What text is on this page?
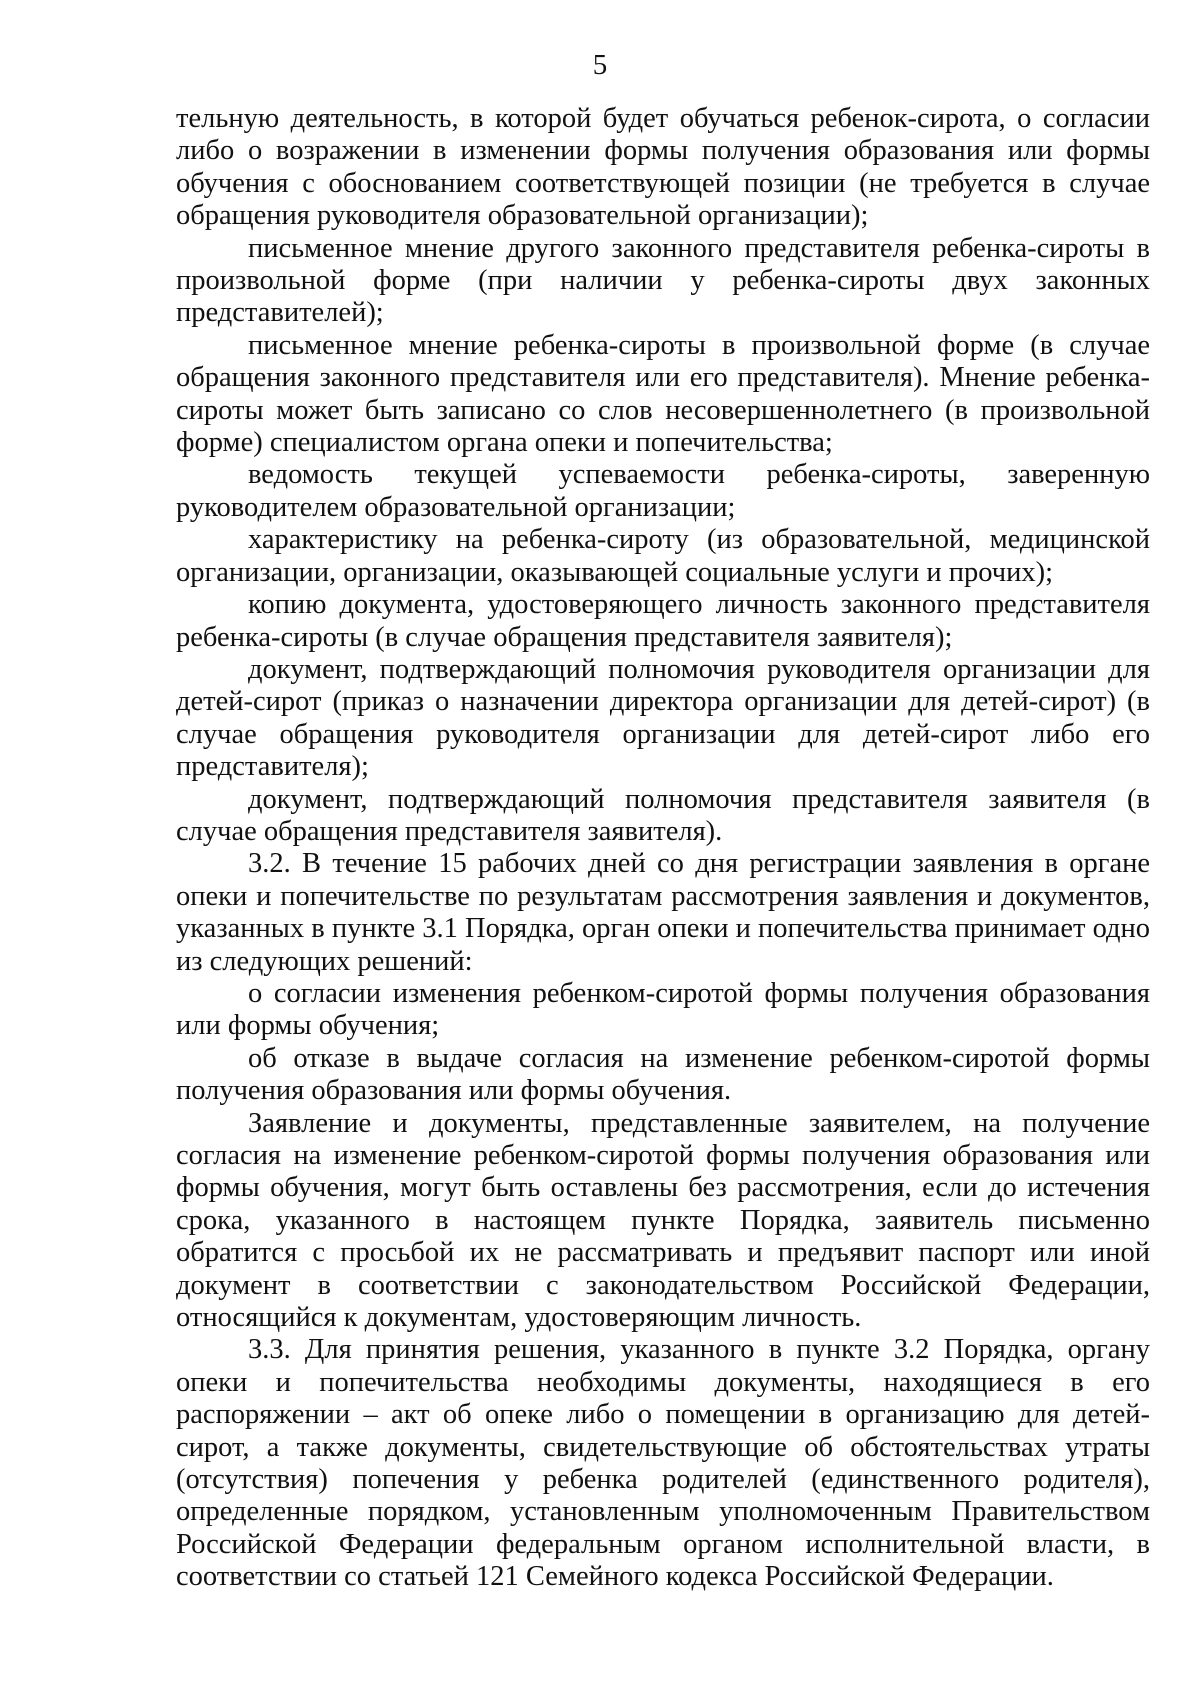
5

тельную деятельность, в которой будет обучаться ребенок-сирота, о согласии либо о возражении в изменении формы получения образования или формы обучения с обоснованием соответствующей позиции (не требуется в случае обращения руководителя образовательной организации);

письменное мнение другого законного представителя ребенка-сироты в произвольной форме (при наличии у ребенка-сироты двух законных представителей);

письменное мнение ребенка-сироты в произвольной форме (в случае обращения законного представителя или его представителя). Мнение ребенка-сироты может быть записано со слов несовершеннолетнего (в произвольной форме) специалистом органа опеки и попечительства;

ведомость текущей успеваемости ребенка-сироты, заверенную руководителем образовательной организации;

характеристику на ребенка-сироту (из образовательной, медицинской организации, организации, оказывающей социальные услуги и прочих);

копию документа, удостоверяющего личность законного представителя ребенка-сироты (в случае обращения представителя заявителя);

документ, подтверждающий полномочия руководителя организации для детей-сирот (приказ о назначении директора организации для детей-сирот) (в случае обращения руководителя организации для детей-сирот либо его представителя);

документ, подтверждающий полномочия представителя заявителя (в случае обращения представителя заявителя).

3.2. В течение 15 рабочих дней со дня регистрации заявления в органе опеки и попечительстве по результатам рассмотрения заявления и документов, указанных в пункте 3.1 Порядка, орган опеки и попечительства принимает одно из следующих решений:

о согласии изменения ребенком-сиротой формы получения образования или формы обучения;

об отказе в выдаче согласия на изменение ребенком-сиротой формы получения образования или формы обучения.

Заявление и документы, представленные заявителем, на получение согласия на изменение ребенком-сиротой формы получения образования или формы обучения, могут быть оставлены без рассмотрения, если до истечения срока, указанного в настоящем пункте Порядка, заявитель письменно обратится с просьбой их не рассматривать и предъявит паспорт или иной документ в соответствии с законодательством Российской Федерации, относящийся к документам, удостоверяющим личность.

3.3. Для принятия решения, указанного в пункте 3.2 Порядка, органу опеки и попечительства необходимы документы, находящиеся в его распоряжении – акт об опеке либо о помещении в организацию для детей-сирот, а также документы, свидетельствующие об обстоятельствах утраты (отсутствия) попечения у ребенка родителей (единственного родителя), определенные порядком, установленным уполномоченным Правительством Российской Федерации федеральным органом исполнительной власти, в соответствии со статьей 121 Семейного кодекса Российской Федерации.
